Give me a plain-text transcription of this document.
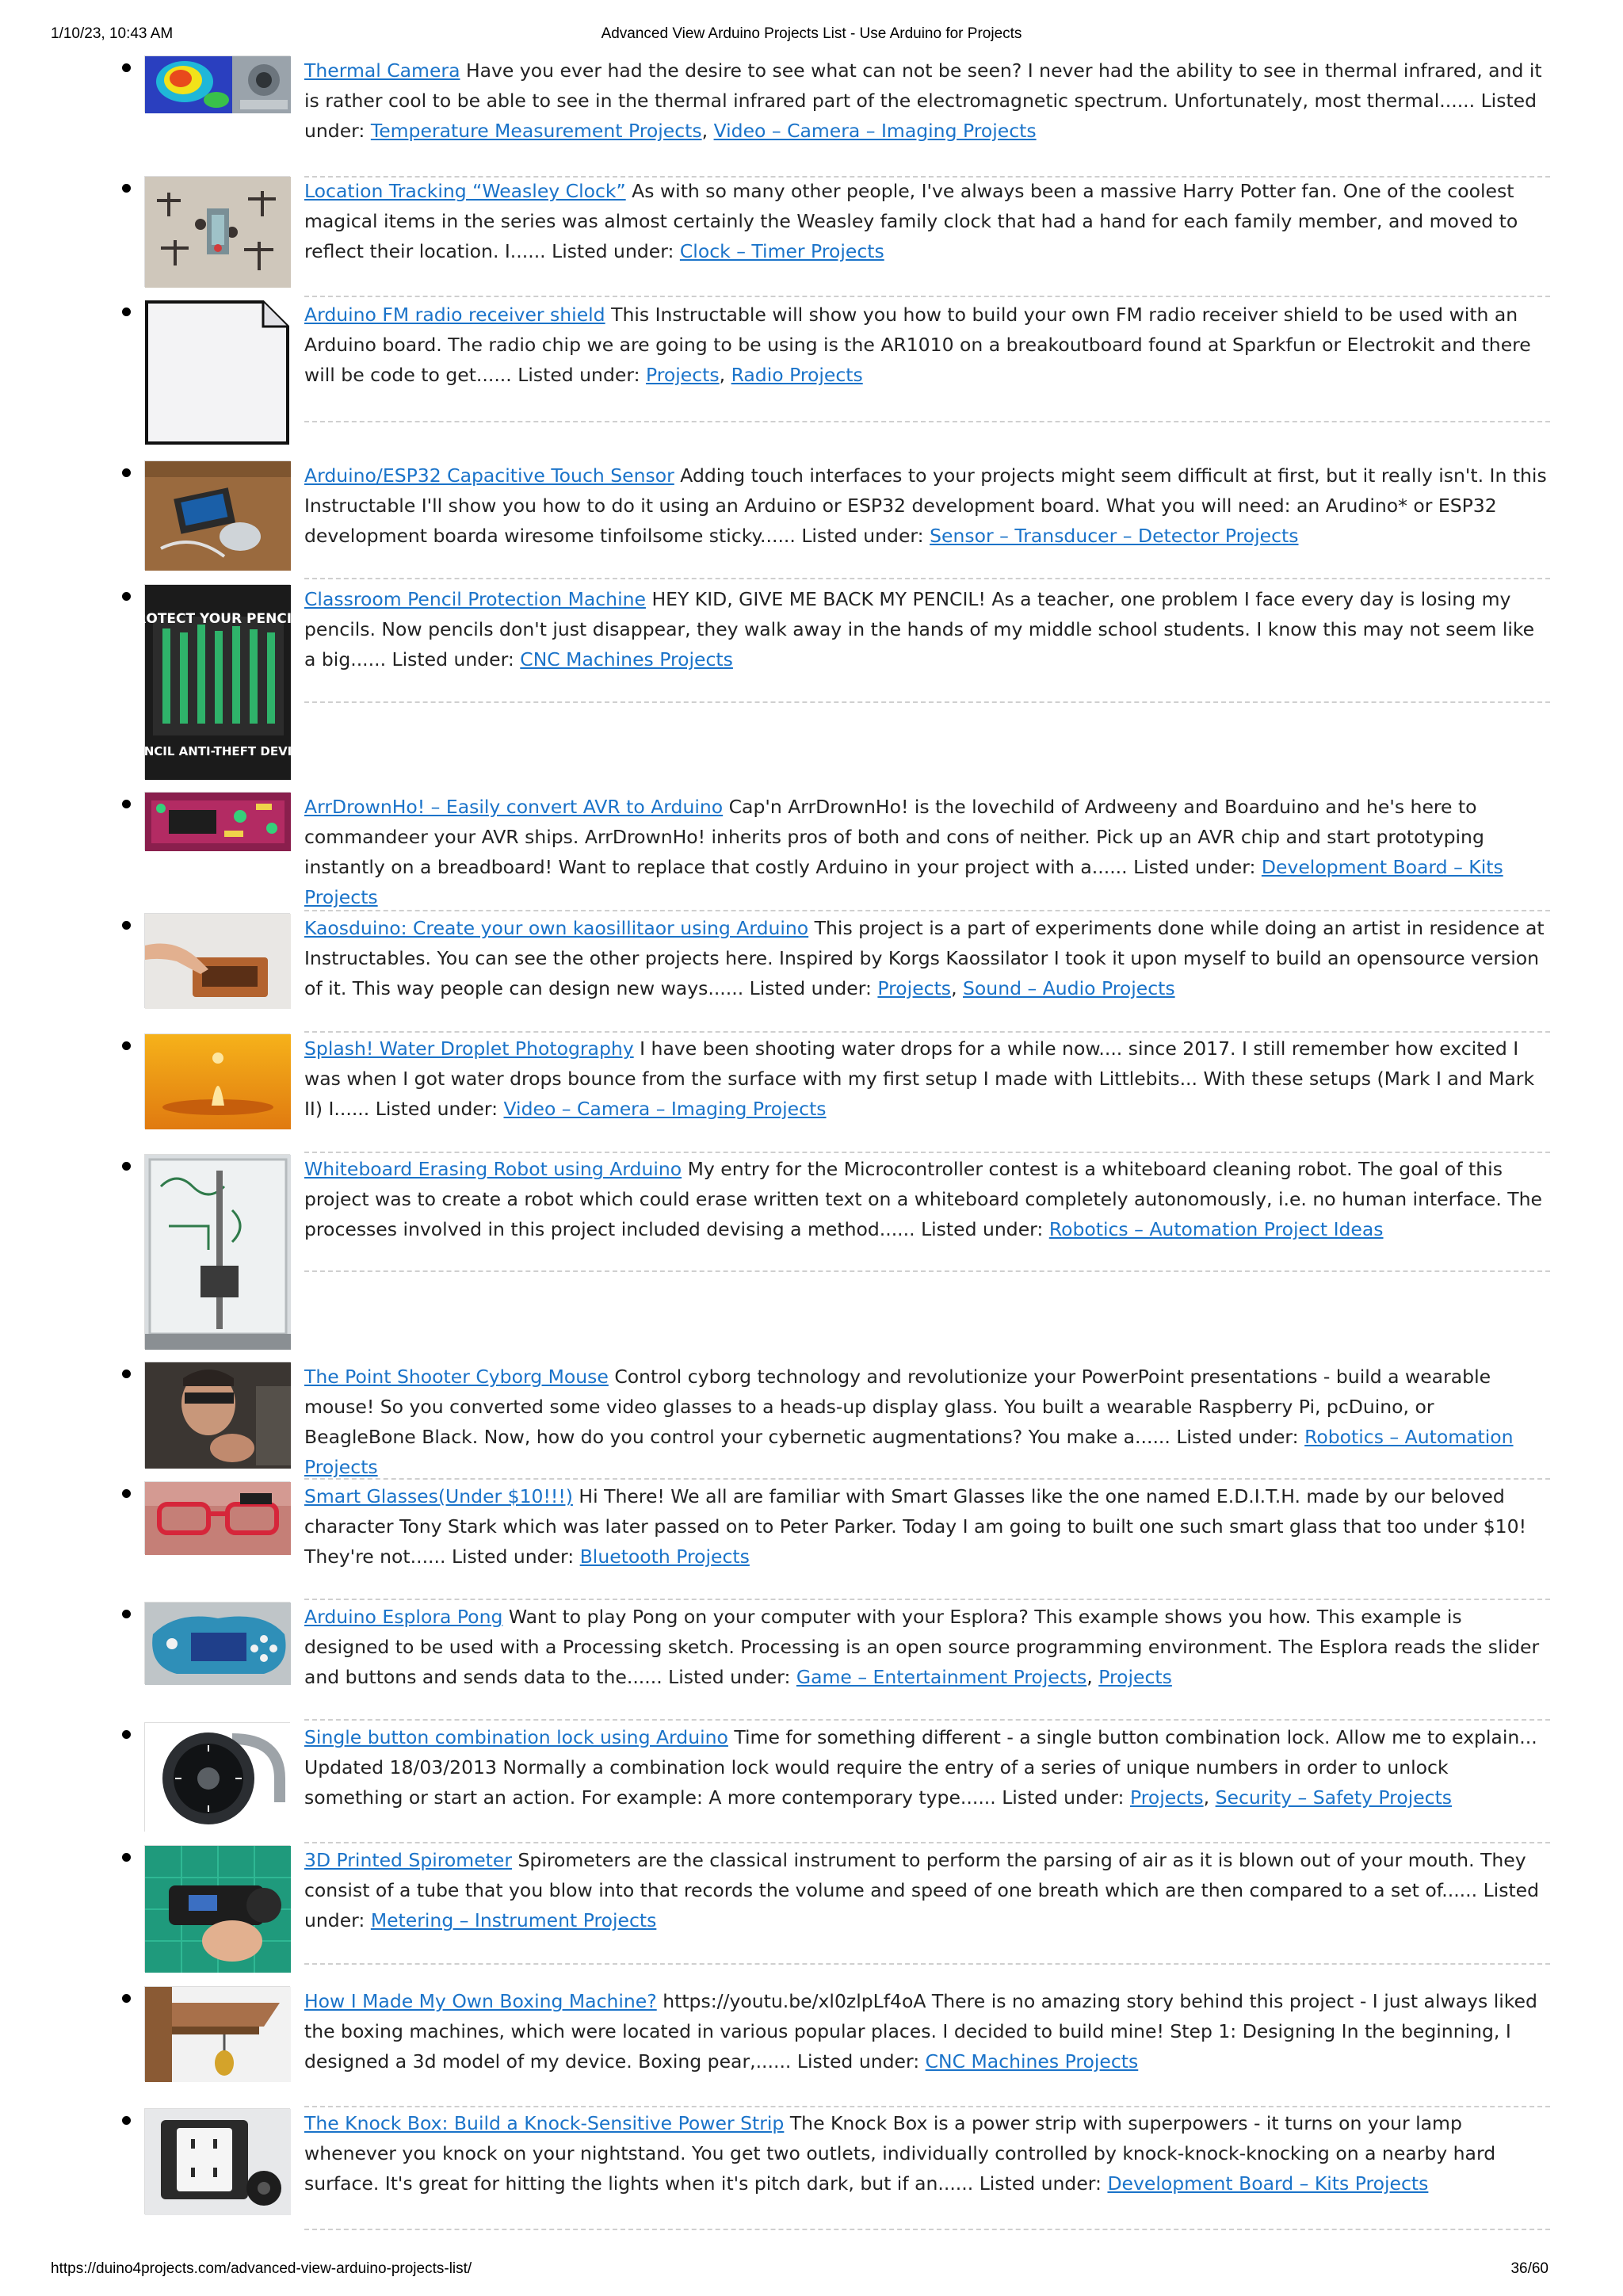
1/10/23, 10:43 AM	Advanced View Arduino Projects List - Use Arduino for Projects
Thermal Camera Have you ever had the desire to see what can not be seen? I never had the ability to see in thermal infrared, and it is rather cool to be able to see in the thermal infrared part of the electromagnetic spectrum. Unfortunately, most thermal...... Listed under: Temperature Measurement Projects, Video – Camera – Imaging Projects
Location Tracking “Weasley Clock” As with so many other people, I've always been a massive Harry Potter fan. One of the coolest magical items in the series was almost certainly the Weasley family clock that had a hand for each family member, and moved to reflect their location. I...... Listed under: Clock – Timer Projects
Arduino FM radio receiver shield This Instructable will show you how to build your own FM radio receiver shield to be used with an Arduino board. The radio chip we are going to be using is the AR1010 on a breakoutboard found at Sparkfun or Electrokit and there will be code to get...... Listed under: Projects, Radio Projects
Arduino/ESP32 Capacitive Touch Sensor Adding touch interfaces to your projects might seem difficult at first, but it really isn't. In this Instructable I'll show you how to do it using an Arduino or ESP32 development board. What you will need: an Arudino* or ESP32 development boarda wiresome tinfoilsome sticky...... Listed under: Sensor – Transducer – Detector Projects
PROTECT YOUR PENCILS
PENCIL ANTI-THEFT DEVICE
Classroom Pencil Protection Machine HEY KID, GIVE ME BACK MY PENCIL! As a teacher, one problem I face every day is losing my pencils. Now pencils don't just disappear, they walk away in the hands of my middle school students. I know this may not seem like a big...... Listed under: CNC Machines Projects
ArrDrownHo! – Easily convert AVR to Arduino Cap'n ArrDrownHo! is the lovechild of Ardweeny and Boarduino and he's here to commandeer your AVR ships. ArrDrownHo! inherits pros of both and cons of neither. Pick up an AVR chip and start prototyping instantly on a breadboard! Want to replace that costly Arduino in your project with a...... Listed under: Development Board – Kits Projects
Kaosduino: Create your own kaosillitaor using Arduino This project is a part of experiments done while doing an artist in residence at Instructables. You can see the other projects here. Inspired by Korgs Kaossilator I took it upon myself to build an opensource version of it. This way people can design new ways...... Listed under: Projects, Sound – Audio Projects
Splash! Water Droplet Photography I have been shooting water drops for a while now.... since 2017. I still remember how excited I was when I got water drops bounce from the surface with my first setup I made with Littlebits... With these setups (Mark I and Mark II) I...... Listed under: Video – Camera – Imaging Projects
Whiteboard Erasing Robot using Arduino My entry for the Microcontroller contest is a whiteboard cleaning robot. The goal of this project was to create a robot which could erase written text on a whiteboard completely autonomously, i.e. no human interface. The processes involved in this project included devising a method...... Listed under: Robotics – Automation Project Ideas
The Point Shooter Cyborg Mouse Control cyborg technology and revolutionize your PowerPoint presentations - build a wearable mouse! So you converted some video glasses to a heads-up display glass. You built a wearable Raspberry Pi, pcDuino, or BeagleBone Black. Now, how do you control your cybernetic augmentations? You make a...... Listed under: Robotics – Automation Projects
Smart Glasses(Under $10!!!) Hi There! We all are familiar with Smart Glasses like the one named E.D.I.T.H. made by our beloved character Tony Stark which was later passed on to Peter Parker. Today I am going to built one such smart glass that too under $10! They're not...... Listed under: Bluetooth Projects
Arduino Esplora Pong Want to play Pong on your computer with your Esplora? This example shows you how. This example is designed to be used with a Processing sketch. Processing is an open source programming environment. The Esplora reads the slider and buttons and sends data to the...... Listed under: Game – Entertainment Projects, Projects
Single button combination lock using Arduino Time for something different - a single button combination lock. Allow me to explain... Updated 18/03/2013 Normally a combination lock would require the entry of a series of unique numbers in order to unlock something or start an action. For example: A more contemporary type...... Listed under: Projects, Security – Safety Projects
3D Printed Spirometer Spirometers are the classical instrument to perform the parsing of air as it is blown out of your mouth. They consist of a tube that you blow into that records the volume and speed of one breath which are then compared to a set of...... Listed under: Metering – Instrument Projects
How I Made My Own Boxing Machine? https://youtu.be/xl0zlpLf4oA There is no amazing story behind this project - I just always liked the boxing machines, which were located in various popular places. I decided to build mine! Step 1: Designing In the beginning, I designed a 3d model of my device. Boxing pear,...... Listed under: CNC Machines Projects
The Knock Box: Build a Knock-Sensitive Power Strip The Knock Box is a power strip with superpowers - it turns on your lamp whenever you knock on your nightstand. You get two outlets, individually controlled by knock-knock-knocking on a nearby hard surface. It's great for hitting the lights when it's pitch dark, but if an...... Listed under: Development Board – Kits Projects
https://duino4projects.com/advanced-view-arduino-projects-list/	36/60
